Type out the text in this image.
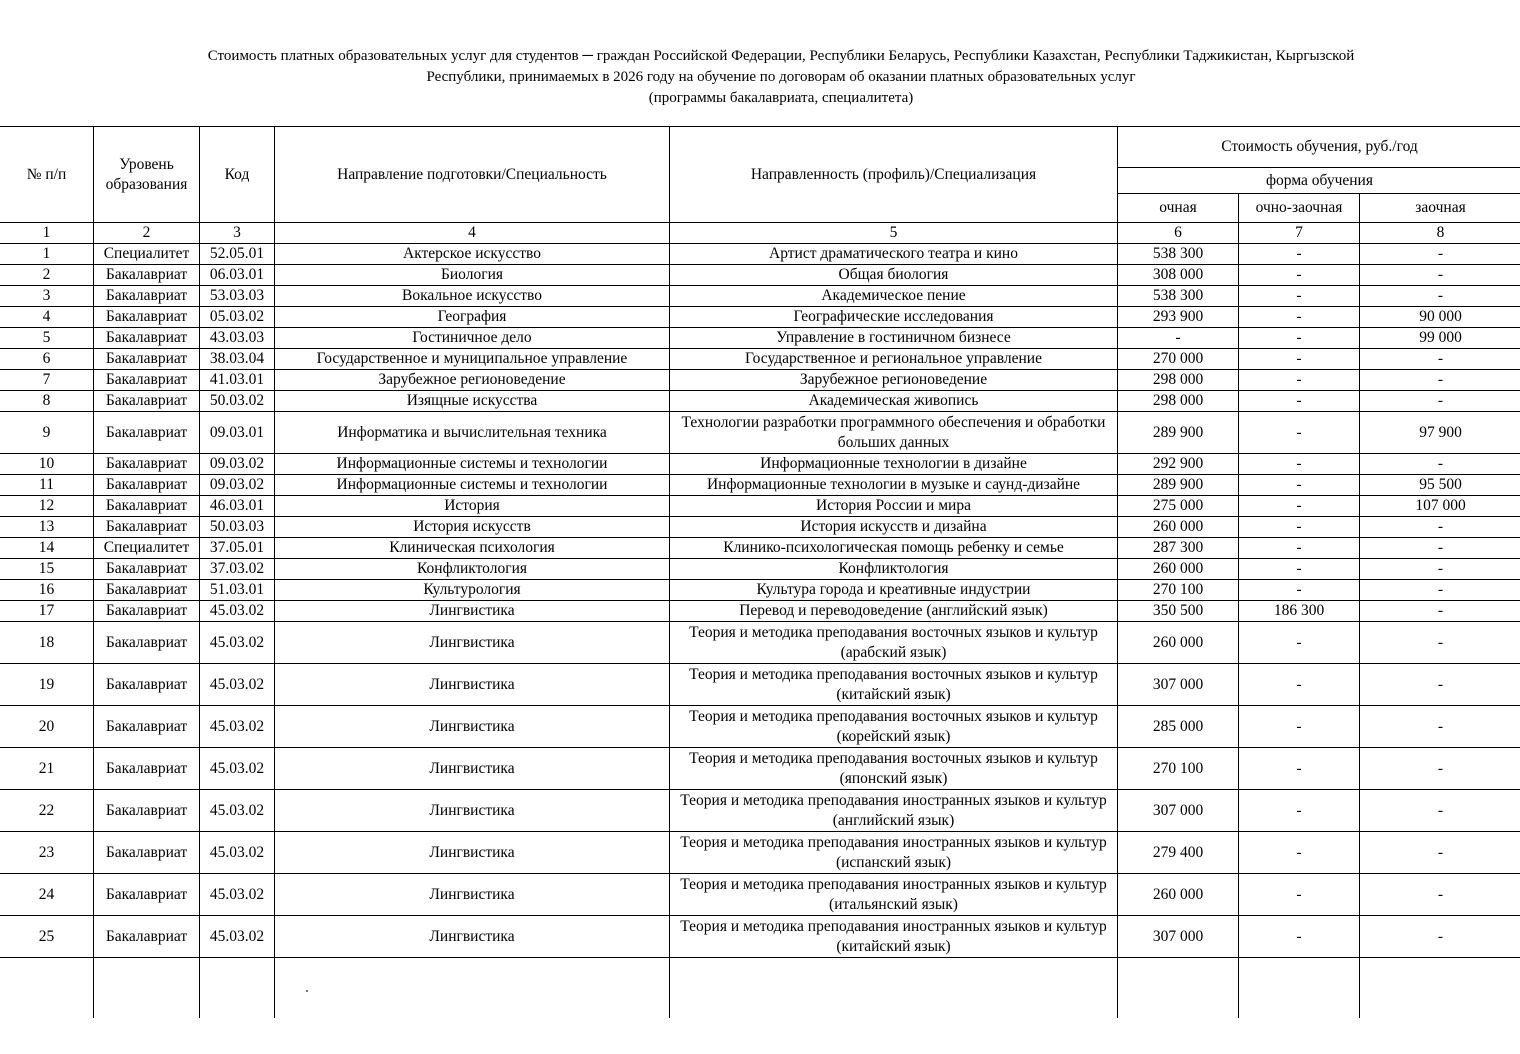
Стоимость платных образовательных услуг для студентов ─ граждан Российской Федерации, Республики Беларусь, Республики Казахстан, Республики Таджикистан, Кыргызской
Республики, принимаемых в 2026 году на обучение по договорам об оказании платных образовательных услуг
(программы бакалавриата, специалитета)
№ п/п	Уровень образования	Код	Направление подготовки/Специальность	Направленность (профиль)/Специализация	Стоимость обучения, руб./год		
					форма обучения		
					очная	очно-заочная	заочная
1	2	3	4	5	6	7	8
1	Специалитет	52.05.01	Актерское искусство	Артист драматического театра и кино	538 300	-	-
2	Бакалавриат	06.03.01	Биология	Общая биология	308 000	-	-
3	Бакалавриат	53.03.03	Вокальное искусство	Академическое пение	538 300	-	-
4	Бакалавриат	05.03.02	География	Географические исследования	293 900	-	90 000
5	Бакалавриат	43.03.03	Гостиничное дело	Управление в гостиничном бизнесе	-	-	99 000
6	Бакалавриат	38.03.04	Государственное и муниципальное управление	Государственное и региональное управление	270 000	-	-
7	Бакалавриат	41.03.01	Зарубежное регионоведение	Зарубежное регионоведение	298 000	-	-
8	Бакалавриат	50.03.02	Изящные искусства	Академическая живопись	298 000	-	-
9	Бакалавриат	09.03.01	Информатика и вычислительная техника	Технологии разработки программного обеспечения и обработки больших данных	289 900	-	97 900
10	Бакалавриат	09.03.02	Информационные системы и технологии	Информационные технологии в дизайне	292 900	-	-
11	Бакалавриат	09.03.02	Информационные системы и технологии	Информационные технологии в музыке и саунд-дизайне	289 900	-	95 500
12	Бакалавриат	46.03.01	История	История России и мира	275 000	-	107 000
13	Бакалавриат	50.03.03	История искусств	История искусств и дизайна	260 000	-	-
14	Специалитет	37.05.01	Клиническая психология	Клинико-психологическая помощь ребенку и семье	287 300	-	-
15	Бакалавриат	37.03.02	Конфликтология	Конфликтология	260 000	-	-
16	Бакалавриат	51.03.01	Культурология	Культура города и креативные индустрии	270 100	-	-
17	Бакалавриат	45.03.02	Лингвистика	Перевод и переводоведение (английский язык)	350 500	186 300	-
18	Бакалавриат	45.03.02	Лингвистика	Теория и методика преподавания восточных языков и культур (арабский язык)	260 000	-	-
19	Бакалавриат	45.03.02	Лингвистика	Теория и методика преподавания восточных языков и культур (китайский язык)	307 000	-	-
20	Бакалавриат	45.03.02	Лингвистика	Теория и методика преподавания восточных языков и культур (корейский язык)	285 000	-	-
21	Бакалавриат	45.03.02	Лингвистика	Теория и методика преподавания восточных языков и культур (японский язык)	270 100	-	-
22	Бакалавриат	45.03.02	Лингвистика	Теория и методика преподавания иностранных языков и культур (английский язык)	307 000	-	-
23	Бакалавриат	45.03.02	Лингвистика	Теория и методика преподавания иностранных языков и культур (испанский язык)	279 400	-	-
24	Бакалавриат	45.03.02	Лингвистика	Теория и методика преподавания иностранных языков и культур (итальянский язык)	260 000	-	-
25	Бакалавриат	45.03.02	Лингвистика	Теория и методика преподавания иностранных языков и культур (китайский язык)	307 000	-	-
